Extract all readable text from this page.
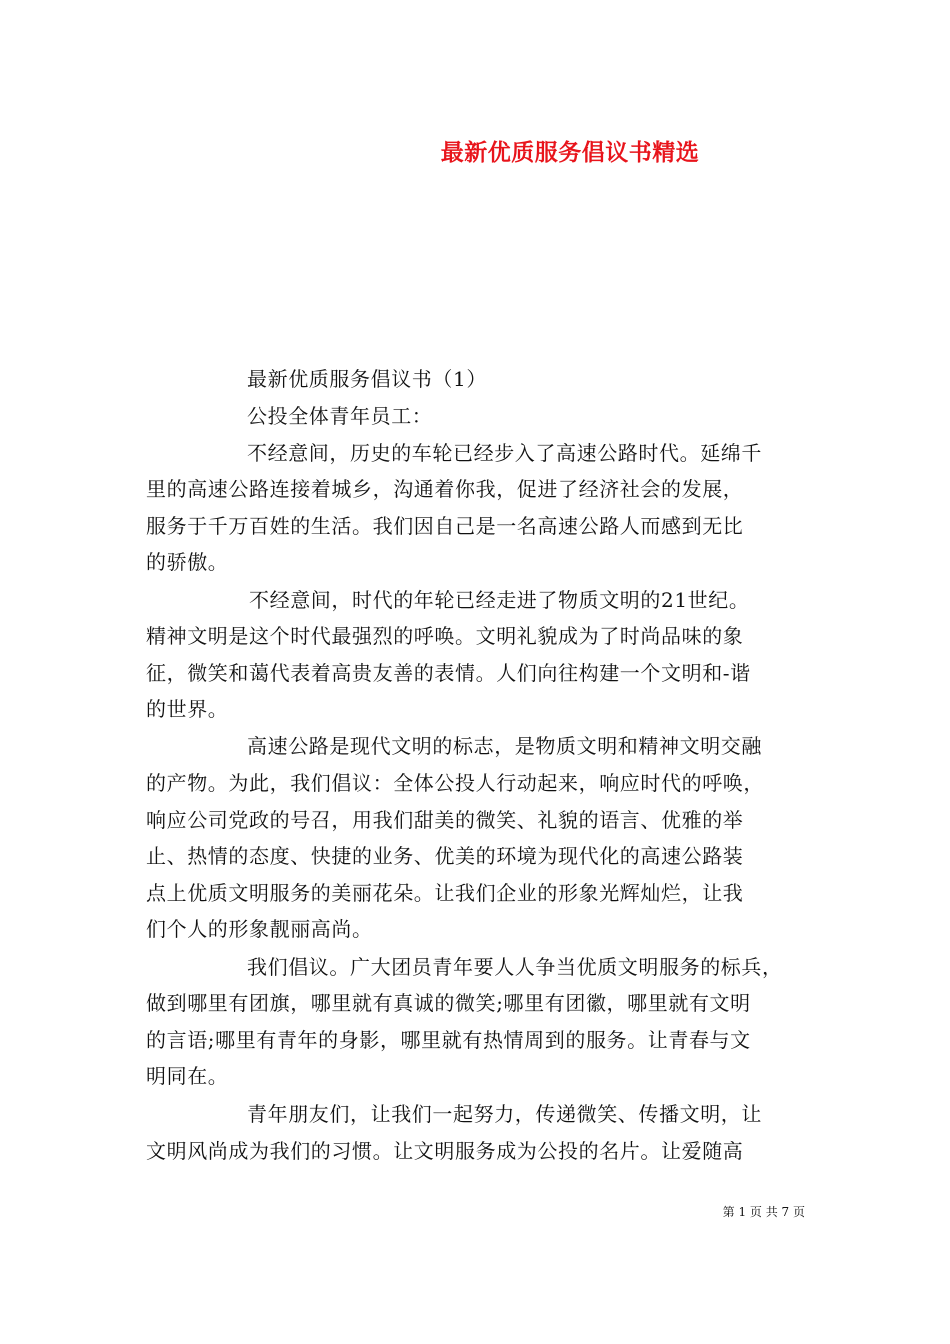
最新优质服务倡议书精选
最新优质服务倡议书（1）
公投全体青年员工：
不经意间，历史的车轮已经步入了高速公路时代。延绵千
里的高速公路连接着城乡，沟通着你我，促进了经济社会的发展，
服务于千万百姓的生活。我们因自己是一名高速公路人而感到无比
的骄傲。
不经意间，时代的年轮已经走进了物质文明的21世纪。
精神文明是这个时代最强烈的呼唤。文明礼貌成为了时尚品味的象
征，微笑和蔼代表着高贵友善的表情。人们向往构建一个文明和-谐
的世界。
高速公路是现代文明的标志，是物质文明和精神文明交融
的产物。为此，我们倡议：全体公投人行动起来，响应时代的呼唤，
响应公司党政的号召，用我们甜美的微笑、礼貌的语言、优雅的举
止、热情的态度、快捷的业务、优美的环境为现代化的高速公路装
点上优质文明服务的美丽花朵。让我们企业的形象光辉灿烂，让我
们个人的形象靓丽高尚。
我们倡议。广大团员青年要人人争当优质文明服务的标兵，
做到哪里有团旗，哪里就有真诚的微笑;哪里有团徽，哪里就有文明
的言语;哪里有青年的身影，哪里就有热情周到的服务。让青春与文
明同在。
青年朋友们，让我们一起努力，传递微笑、传播文明，让
文明风尚成为我们的习惯。让文明服务成为公投的名片。让爱随高
第 1 页 共 7 页
